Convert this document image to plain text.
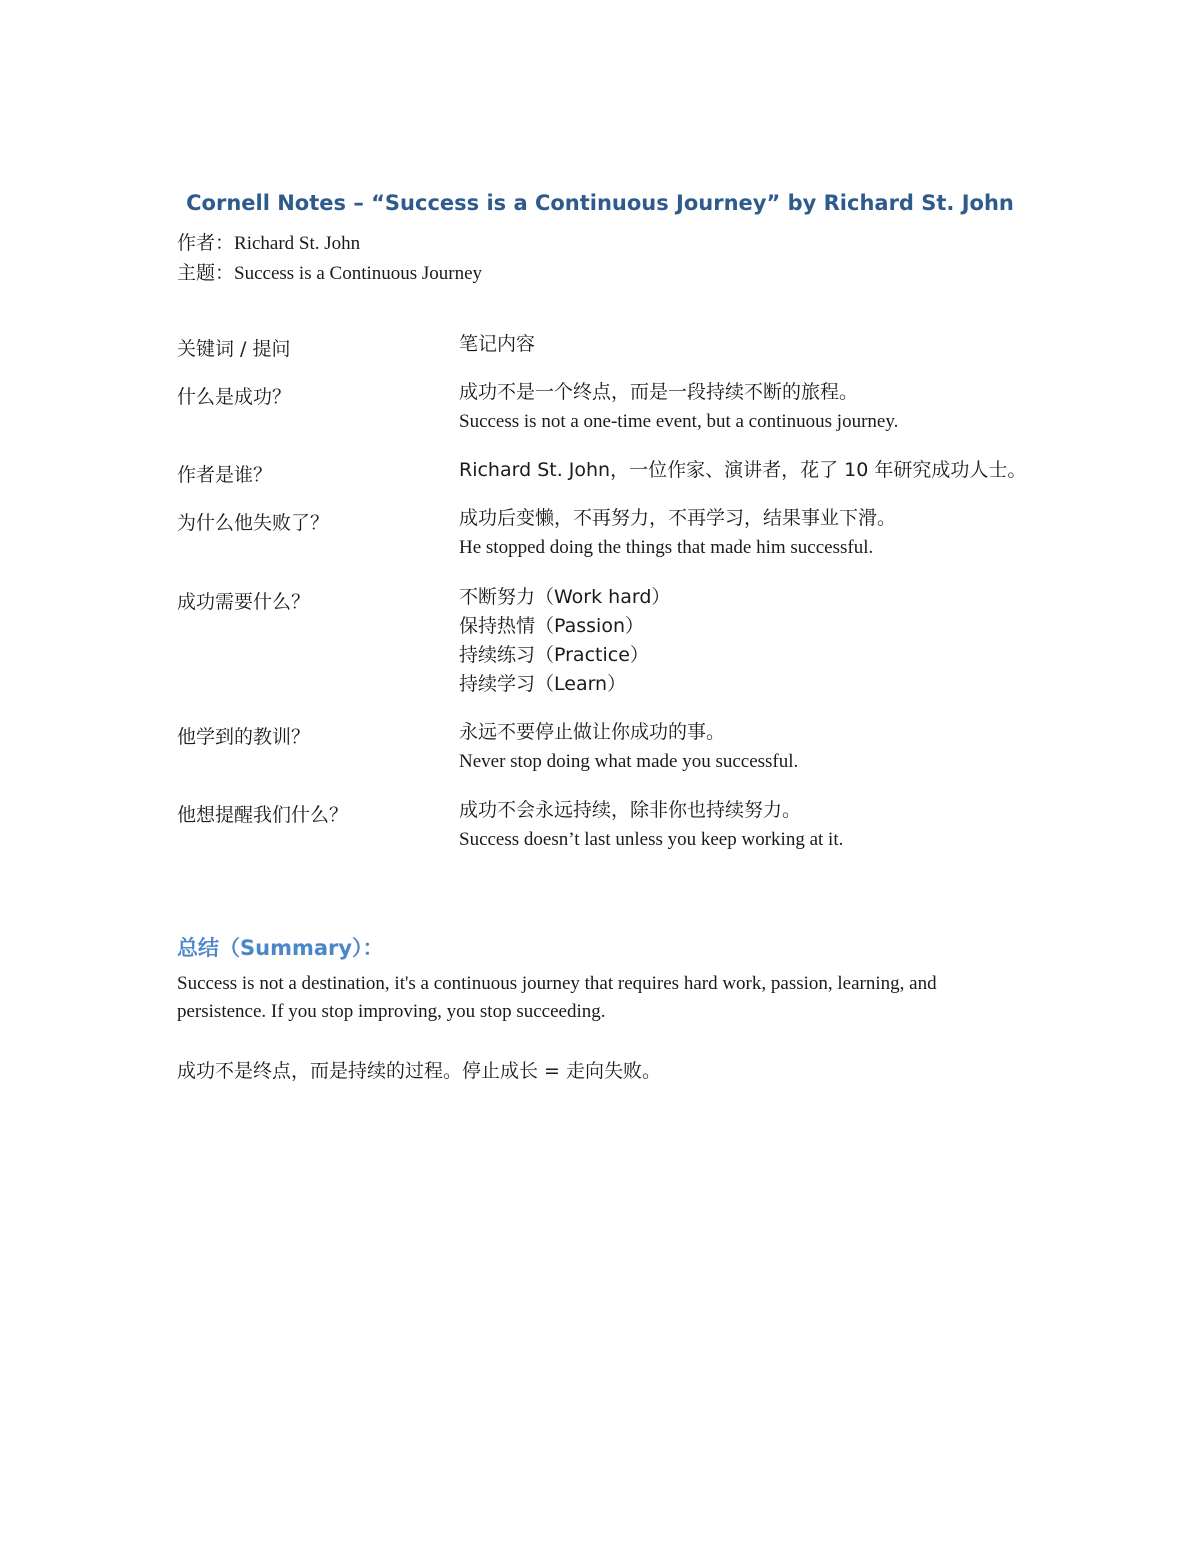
Cornell Notes – “Success is a Continuous Journey” by Richard St. John
作者：Richard St. John
主题：Success is a Continuous Journey
关键词 / 提问	笔记内容
什么是成功？	成功不是一个终点，而是一段持续不断的旅程。
Success is not a one-time event, but a continuous journey.
作者是谁？	Richard St. John，一位作家、演讲者，花了 10 年研究成功人士。
为什么他失败了？	成功后变懒，不再努力，不再学习，结果事业下滑。
He stopped doing the things that made him successful.
成功需要什么？	不断努力（Work hard）
保持热情（Passion）
持续练习（Practice）
持续学习（Learn）
他学到的教训？	永远不要停止做让你成功的事。
Never stop doing what made you successful.
他想提醒我们什么？	成功不会永远持续，除非你也持续努力。
Success doesn’t last unless you keep working at it.
总结（Summary）：
Success is not a destination, it's a continuous journey that requires hard work, passion, learning, and persistence. If you stop improving, you stop succeeding.
成功不是终点，而是持续的过程。停止成长 = 走向失败。
